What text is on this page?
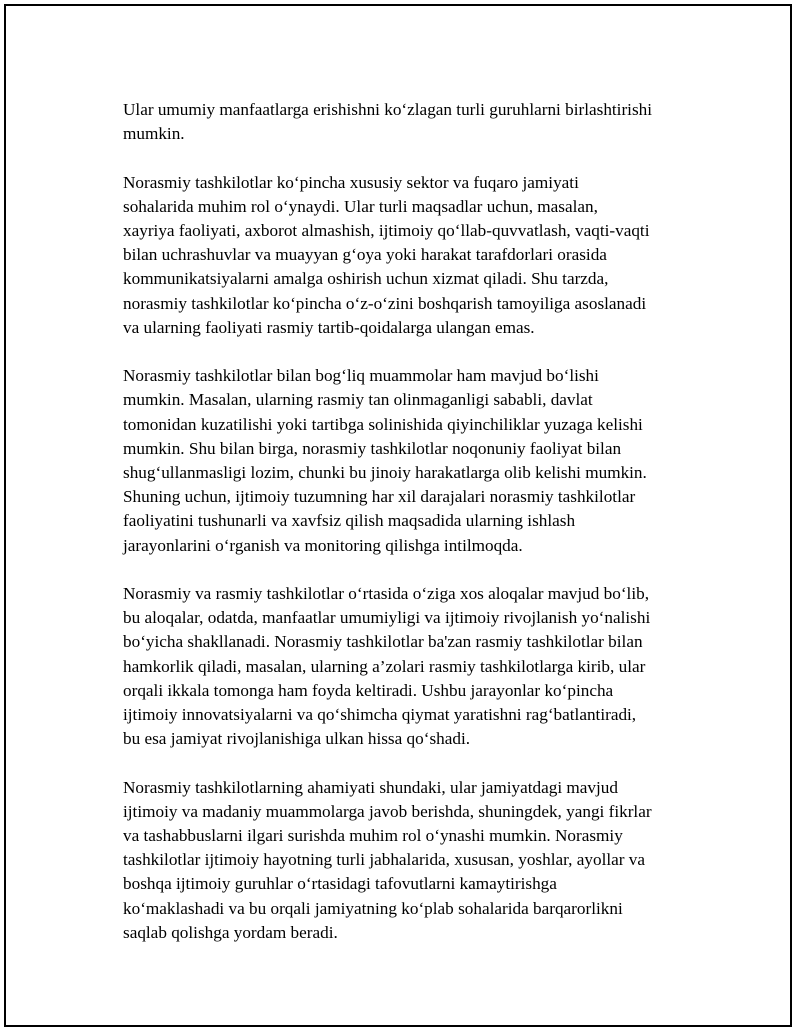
Ular umumiy manfaatlarga erishishni ko‘zlagan turli guruhlarni birlashtirishi
mumkin.

Norasmiy tashkilotlar ko‘pincha xususiy sektor va fuqaro jamiyati
sohalarida muhim rol o‘ynaydi. Ular turli maqsadlar uchun, masalan,
xayriya faoliyati, axborot almashish, ijtimoiy qo‘llab-quvvatlash, vaqti-vaqti
bilan uchrashuvlar va muayyan g‘oya yoki harakat tarafdorlari orasida
kommunikatsiyalarni amalga oshirish uchun xizmat qiladi. Shu tarzda,
norasmiy tashkilotlar ko‘pincha o‘z-o‘zini boshqarish tamoyiliga asoslanadi
va ularning faoliyati rasmiy tartib-qoidalarga ulangan emas.

Norasmiy tashkilotlar bilan bog‘liq muammolar ham mavjud bo‘lishi
mumkin. Masalan, ularning rasmiy tan olinmaganligi sababli, davlat
tomonidan kuzatilishi yoki tartibga solinishida qiyinchiliklar yuzaga kelishi
mumkin. Shu bilan birga, norasmiy tashkilotlar noqonuniy faoliyat bilan
shug‘ullanmasligi lozim, chunki bu jinoiy harakatlarga olib kelishi mumkin.
Shuning uchun, ijtimoiy tuzumning har xil darajalari norasmiy tashkilotlar
faoliyatini tushunarli va xavfsiz qilish maqsadida ularning ishlash
jarayonlarini o‘rganish va monitoring qilishga intilmoqda.

Norasmiy va rasmiy tashkilotlar o‘rtasida o‘ziga xos aloqalar mavjud bo‘lib,
bu aloqalar, odatda, manfaatlar umumiyligi va ijtimoiy rivojlanish yo‘nalishi
bo‘yicha shakllanadi. Norasmiy tashkilotlar ba'zan rasmiy tashkilotlar bilan
hamkorlik qiladi, masalan, ularning a’zolari rasmiy tashkilotlarga kirib, ular
orqali ikkala tomonga ham foyda keltiradi. Ushbu jarayonlar ko‘pincha
ijtimoiy innovatsiyalarni va qo‘shimcha qiymat yaratishni rag‘batlantiradi,
bu esa jamiyat rivojlanishiga ulkan hissa qo‘shadi.

Norasmiy tashkilotlarning ahamiyati shundaki, ular jamiyatdagi mavjud
ijtimoiy va madaniy muammolarga javob berishda, shuningdek, yangi fikrlar
va tashabbuslarni ilgari surishda muhim rol o‘ynashi mumkin. Norasmiy
tashkilotlar ijtimoiy hayotning turli jabhalarida, xususan, yoshlar, ayollar va
boshqa ijtimoiy guruhlar o‘rtasidagi tafovutlarni kamaytirishga
ko‘maklashadi va bu orqali jamiyatning ko‘plab sohalarida barqarorlikni
saqlab qolishga yordam beradi.
